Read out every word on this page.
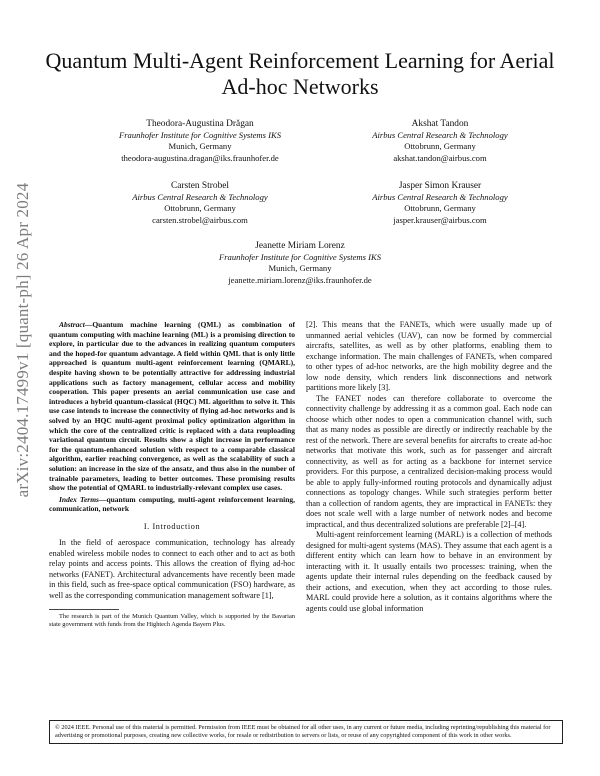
arXiv:2404.17499v1 [quant-ph] 26 Apr 2024
Quantum Multi-Agent Reinforcement Learning for Aerial Ad-hoc Networks
Theodora-Augustina Drăgan
Fraunhofer Institute for Cognitive Systems IKS
Munich, Germany
theodora-augustina.dragan@iks.fraunhofer.de
Akshat Tandon
Airbus Central Research & Technology
Ottobrunn, Germany
akshat.tandon@airbus.com
Carsten Strobel
Airbus Central Research & Technology
Ottobrunn, Germany
carsten.strobel@airbus.com
Jasper Simon Krauser
Airbus Central Research & Technology
Ottobrunn, Germany
jasper.krauser@airbus.com
Jeanette Miriam Lorenz
Fraunhofer Institute for Cognitive Systems IKS
Munich, Germany
jeanette.miriam.lorenz@iks.fraunhofer.de

Abstract—Quantum machine learning (QML) as combination of quantum computing with machine learning (ML) is a promising direction to explore, in particular due to the advances in realizing quantum computers and the hoped-for quantum advantage. A field within QML that is only little approached is quantum multi-agent reinforcement learning (QMARL), despite having shown to be potentially attractive for addressing industrial applications such as factory management, cellular access and mobility cooperation. This paper presents an aerial communication use case and introduces a hybrid quantum-classical (HQC) ML algorithm to solve it. This use case intends to increase the connectivity of flying ad-hoc networks and is solved by an HQC multi-agent proximal policy optimization algorithm in which the core of the centralized critic is replaced with a data reuploading variational quantum circuit. Results show a slight increase in performance for the quantum-enhanced solution with respect to a comparable classical algorithm, earlier reaching convergence, as well as the scalability of such a solution: an increase in the size of the ansatz, and thus also in the number of trainable parameters, leading to better outcomes. These promising results show the potential of QMARL to industrially-relevant complex use cases.

Index Terms—quantum computing, multi-agent reinforcement learning, communication, network

I. Introduction

In the field of aerospace communication, technology has already enabled wireless mobile nodes to connect to each other and to act as both relay points and access points. This allows the creation of flying ad-hoc networks (FANET). Architectural advancements have recently been made in this field, such as free-space optical communication (FSO) hardware, as well as the corresponding communication management software [1],

The research is part of the Munich Quantum Valley, which is supported by the Bavarian state government with funds from the Hightech Agenda Bayern Plus.

[2]. This means that the FANETs, which were usually made up of unmanned aerial vehicles (UAV), can now be formed by commercial aircrafts, satellites, as well as by other platforms, enabling them to exchange information. The main challenges of FANETs, when compared to other types of ad-hoc networks, are the high mobility degree and the low node density, which renders link disconnections and network partitions more likely [3].

The FANET nodes can therefore collaborate to overcome the connectivity challenge by addressing it as a common goal. Each node can choose which other nodes to open a communication channel with, such that as many nodes as possible are directly or indirectly reachable by the rest of the network. There are several benefits for aircrafts to create ad-hoc networks that motivate this work, such as for passenger and aircraft connectivity, as well as for acting as a backbone for internet service providers. For this purpose, a centralized decision-making process would be able to apply fully-informed routing protocols and dynamically adjust connections as topology changes. While such strategies perform better than a collection of random agents, they are impractical in FANETs: they does not scale well with a large number of network nodes and become impractical, and thus decentralized solutions are preferable [2]–[4].

Multi-agent reinforcement learning (MARL) is a collection of methods designed for multi-agent systems (MAS). They assume that each agent is a different entity which can learn how to behave in an environment by interacting with it. It usually entails two processes: training, when the agents update their internal rules depending on the feedback caused by their actions, and execution, when they act according to those rules. MARL could provide here a solution, as it contains algorithms where the agents could use global information

© 2024 IEEE. Personal use of this material is permitted. Permission from IEEE must be obtained for all other uses, in any current or future media, including reprinting/republishing this material for advertising or promotional purposes, creating new collective works, for resale or redistribution to servers or lists, or reuse of any copyrighted component of this work in other works.
